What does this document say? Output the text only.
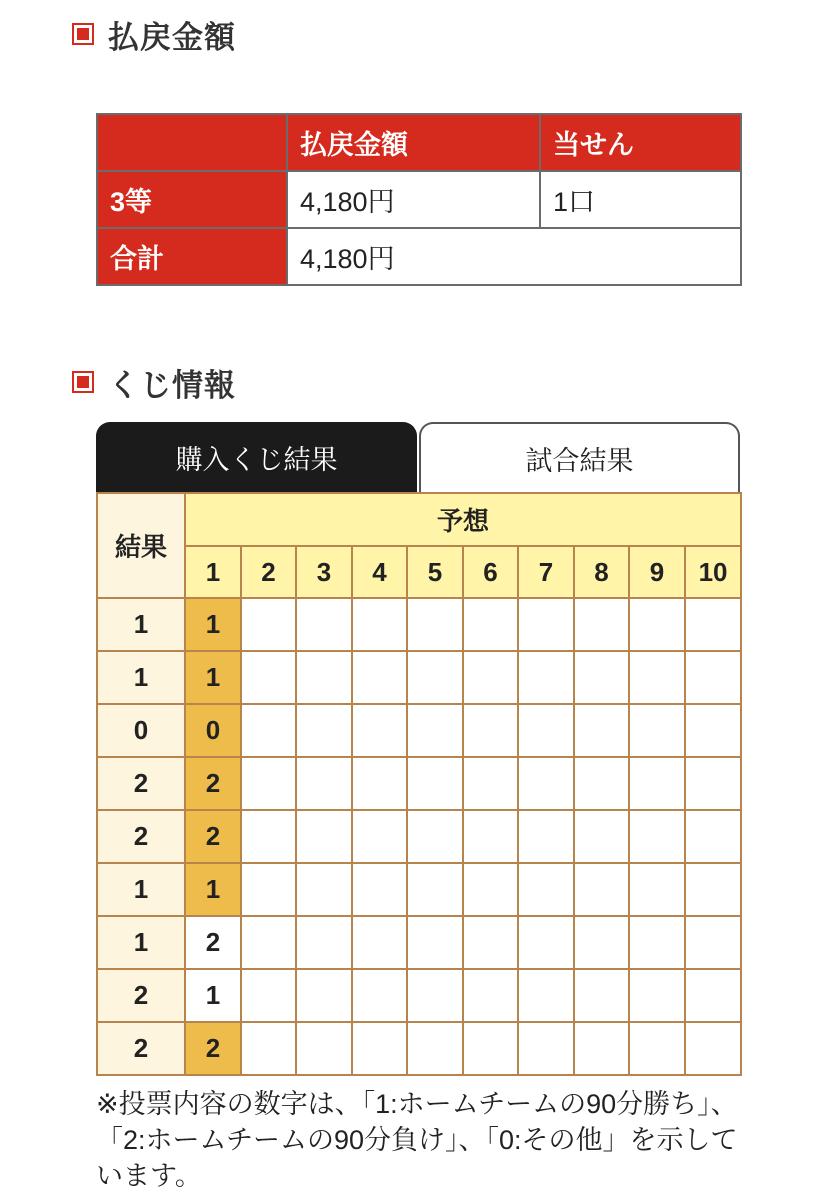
払戻金額
	払戻金額	当せん
3等	4,180円	1口
合計	4,180円	
くじ情報
購入くじ結果	試合結果
結果	予想									
	1	2	3	4	5	6	7	8	9	10
1	1									
1	1									
0	0									
2	2									
2	2									
1	1									
1	2									
2	1									
2	2									
※投票内容の数字は、「1:ホームチームの90分勝ち」、「2:ホームチームの90分負け」、「0:その他」を示しています。
